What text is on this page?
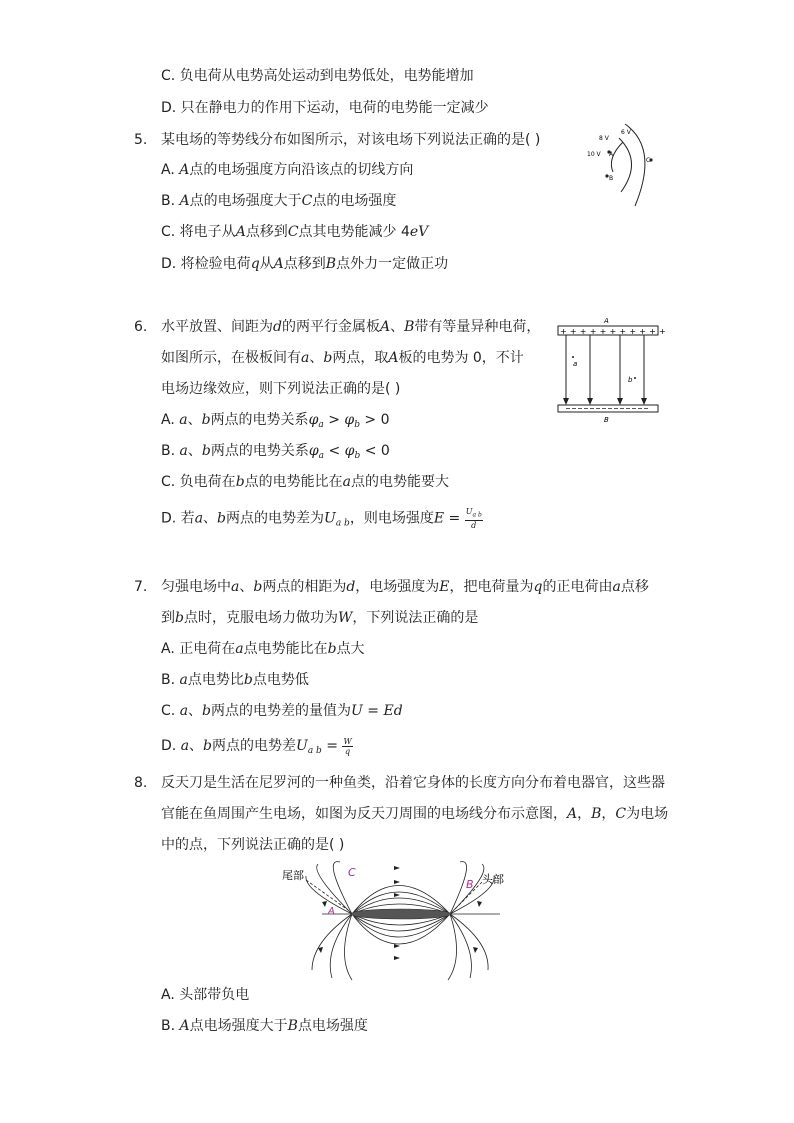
C. 负电荷从电势高处运动到电势低处，电势能增加
D. 只在静电力的作用下运动，电荷的电势能一定减少
5. 某电场的等势线分布如图所示，对该电场下列说法正确的是( )
A. A点的电场强度方向沿该点的切线方向
B. A点的电场强度大于C点的电场强度
C. 将电子从A点移到C点其电势能减少 4eV
D. 将检验电荷q从A点移到B点外力一定做正功
6 V
8 V
10 V A
B
C
6. 水平放置、间距为d的两平行金属板A、B带有等量异种电荷，
如图所示，在极板间有a、b两点，取A板的电势为 0，不计
电场边缘效应，则下列说法正确的是( )
A. a、b两点的电势关系$\varphi_a > \varphi_b > 0$
B. a、b两点的电势关系$\varphi_a < \varphi_b < 0$
C. 负电荷在b点的电势能比在a点的电势能要大
D. 若a、b两点的电势差为$U_{a b}$，则电场强度$E = \frac{U_{a b}}{d}$
A
+++++++++++
a
b
B
7. 匀强电场中a、b两点的相距为d，电场强度为E，把电荷量为q的正电荷由a点移
到b点时，克服电场力做功为W，下列说法正确的是
A. 正电荷在a点电势能比在b点大
B. a点电势比b点电势低
C. a、b两点的电势差的量值为U = Ed
D. a、b两点的电势差$U_{a b} = \frac{W}{q}$
8. 反天刀是生活在尼罗河的一种鱼类，沿着它身体的长度方向分布着电器官，这些器
官能在鱼周围产生电场，如图为反天刀周围的电场线分布示意图，A，B，C为电场
中的点，下列说法正确的是( )
尾部	头部
C
B
A
A. 头部带负电
B. A点电场强度大于B点电场强度
